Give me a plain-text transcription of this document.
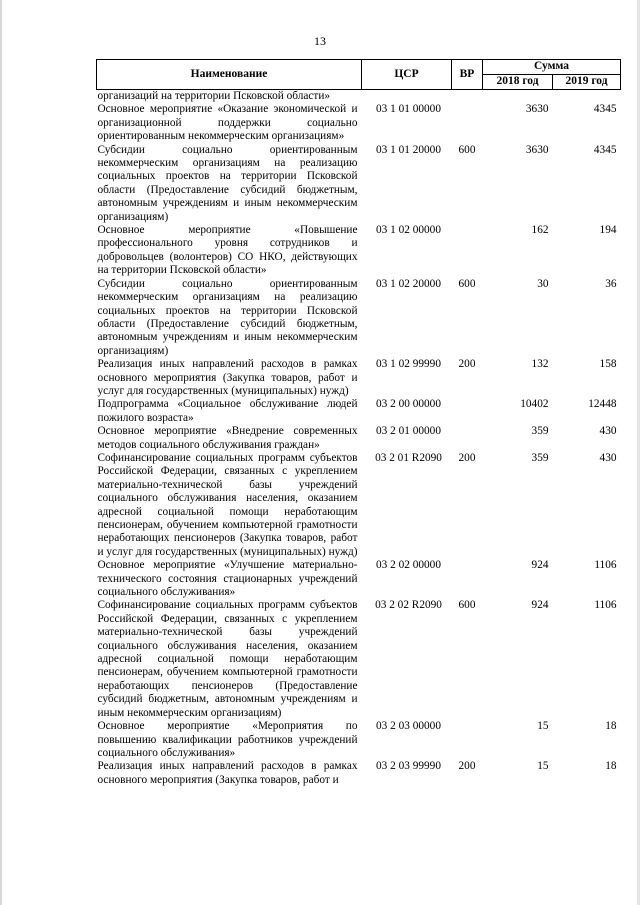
13
Наименование	ЦСР	ВР	Сумма	
			2018 год	2019 год
организаций на территории Псковской области»				
Основное мероприятие «Оказание экономической и организационной поддержки социально ориентированным некоммерческим организациям»	03 1 01 00000		3630	4345
Субсидии социально ориентированным некоммерческим организациям на реализацию социальных проектов на территории Псковской области (Предоставление субсидий бюджетным, автономным учреждениям и иным некоммерческим организациям)	03 1 01 20000	600	3630	4345
Основное мероприятие «Повышение профессионального уровня сотрудников и добровольцев (волонтеров) СО НКО, действующих на территории Псковской области»	03 1 02 00000		162	194
Субсидии социально ориентированным некоммерческим организациям на реализацию социальных проектов на территории Псковской области (Предоставление субсидий бюджетным, автономным учреждениям и иным некоммерческим организациям)	03 1 02 20000	600	30	36
Реализация иных направлений расходов в рамках основного мероприятия (Закупка товаров, работ и услуг для государственных (муниципальных) нужд)	03 1 02 99990	200	132	158
Подпрограмма «Социальное обслуживание людей пожилого возраста»	03 2 00 00000		10402	12448
Основное мероприятие «Внедрение современных методов социального обслуживания граждан»	03 2 01 00000		359	430
Софинансирование социальных программ субъектов Российской Федерации, связанных с укреплением материально-технической базы учреждений социального обслуживания населения, оказанием адресной социальной помощи неработающим пенсионерам, обучением компьютерной грамотности неработающих пенсионеров (Закупка товаров, работ и услуг для государственных (муниципальных) нужд)	03 2 01 R2090	200	359	430
Основное мероприятие «Улучшение материально-технического состояния стационарных учреждений социального обслуживания»	03 2 02 00000		924	1106
Софинансирование социальных программ субъектов Российской Федерации, связанных с укреплением материально-технической базы учреждений социального обслуживания населения, оказанием адресной социальной помощи неработающим пенсионерам, обучением компьютерной грамотности неработающих пенсионеров (Предоставление субсидий бюджетным, автономным учреждениям и иным некоммерческим организациям)	03 2 02 R2090	600	924	1106
Основное мероприятие «Мероприятия по повышению квалификации работников учреждений социального обслуживания»	03 2 03 00000		15	18
Реализация иных направлений расходов в рамках основного мероприятия (Закупка товаров, работ и	03 2 03 99990	200	15	18
